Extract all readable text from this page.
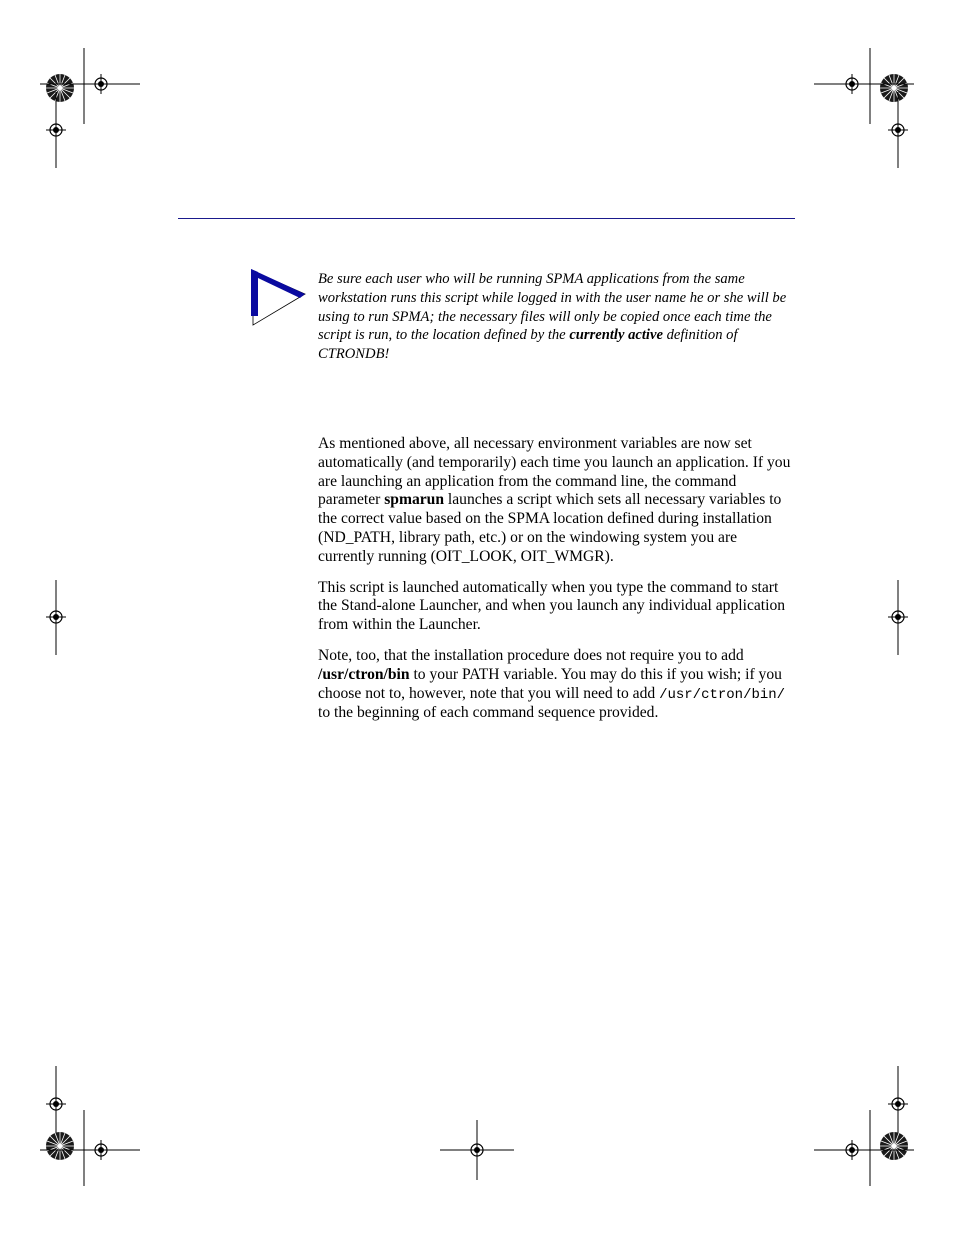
Be sure each user who will be running SPMA applications from the same workstation runs this script while logged in with the user name he or she will be using to run SPMA; the necessary files will only be copied once each time the script is run, to the location defined by the currently active definition of CTRONDB!

As mentioned above, all necessary environment variables are now set automatically (and temporarily) each time you launch an application. If you are launching an application from the command line, the command parameter spmarun launches a script which sets all necessary variables to the correct value based on the SPMA location defined during installation (ND_PATH, library path, etc.) or on the windowing system you are currently running (OIT_LOOK, OIT_WMGR).

This script is launched automatically when you type the command to start the Stand-alone Launcher, and when you launch any individual application from within the Launcher.

Note, too, that the installation procedure does not require you to add /usr/ctron/bin to your PATH variable. You may do this if you wish; if you choose not to, however, note that you will need to add /usr/ctron/bin/ to the beginning of each command sequence provided.
